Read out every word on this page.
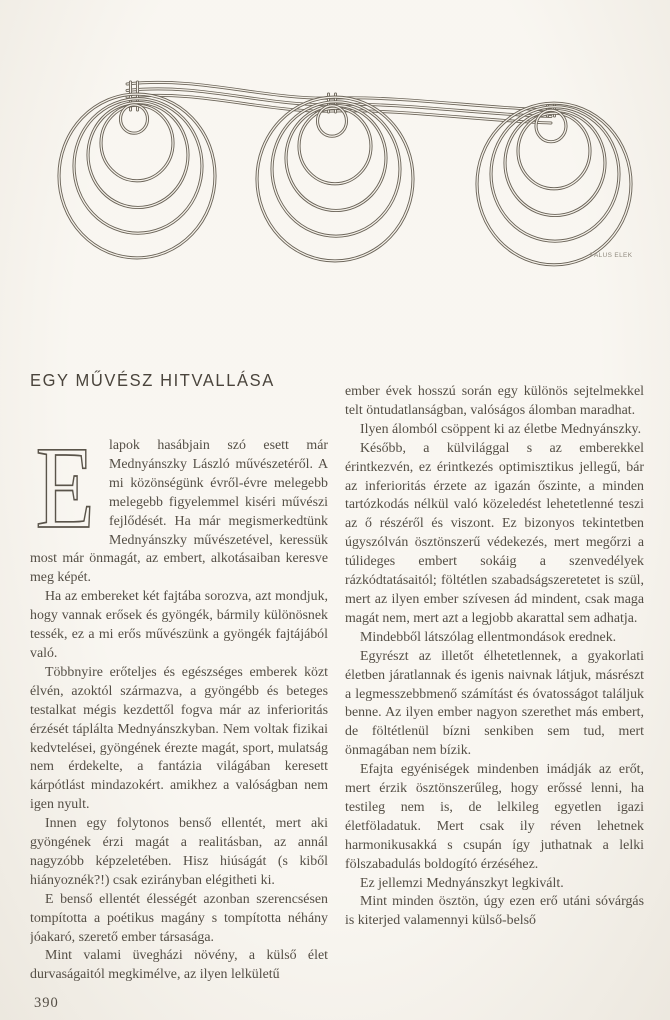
FALUS ELEK
EGY MŰVÉSZ HITVALLÁSA
E	lapok hasábjain szó esett már Mednyánszky László művészetéről. A mi közönségünk évről-évre melegebb melegebb figyelemmel kiséri művészi fejlődését. Ha már megismerkedtünk Mednyánszky művészetével, keressük most már önmagát, az embert, alkotásaiban keresve meg képét.

Ha az embereket két fajtába sorozva, azt mondjuk, hogy vannak erősek és gyöngék, bármily különösnek tessék, ez a mi erős művészünk a gyöngék fajtájából való.

Többnyire erőteljes és egészséges emberek közt élvén, azoktól származva, a gyöngébb és beteges testalkat mégis kezdettől fogva már az inferioritás érzését táplálta Mednyánszkyban. Nem voltak fizikai kedvtelései, gyöngének érezte magát, sport, mulatság nem érdekelte, a fantázia világában keresett kárpótlást mindazokért. amikhez a valóságban nem igen nyult.

Innen egy folytonos benső ellentét, mert aki gyöngének érzi magát a realitásban, az annál nagyzóbb képzeletében. Hisz hiúságát (s kiből hiányoznék?!) csak ezirányban elégitheti ki.

E benső ellentét élességét azonban szerencsésen tompította a poétikus magány s tompította néhány jóakaró, szerető ember társasága.

Mint valami üvegházi növény, a külső élet durvaságaitól megkimélve, az ilyen lelkületű

ember évek hosszú során egy különös sejtelmekkel telt öntudatlanságban, valóságos álomban maradhat.

Ilyen álomból csöppent ki az életbe Mednyánszky.

Később, a külvilággal s az emberekkel érintkezvén, ez érintkezés optimisztikus jellegű, bár az inferioritás érzete az igazán őszinte, a minden tartózkodás nélkül való közeledést lehetetlenné teszi az ő részéről és viszont. Ez bizonyos tekintetben úgyszólván ösztönszerű védekezés, mert megőrzi a túlideges embert sokáig a szenvedélyek rázkódtatásaitól; föltétlen szabadságszeretetet is szül, mert az ilyen ember szívesen ád mindent, csak maga magát nem, mert azt a legjobb akarattal sem adhatja.

Mindebből látszólag ellentmondások erednek.

Egyrészt az illetőt élhetetlennek, a gyakorlati életben járatlannak és igenis naivnak látjuk, másrészt a legmesszebbmenő számítást és óvatosságot találjuk benne. Az ilyen ember nagyon szerethet más embert, de föltétlenül bízni senkiben sem tud, mert önmagában nem bízik.

Efajta egyéniségek mindenben imádják az erőt, mert érzik ösztönszerűleg, hogy erőssé lenni, ha testileg nem is, de lelkileg egyetlen igazi életföladatuk. Mert csak ily réven lehetnek harmonikusakká s csupán így juthatnak a lelki fölszabadulás boldogító érzéséhez.

Ez jellemzi Mednyánszkyt legkivált.

Mint minden ösztön, úgy ezen erő utáni sóvárgás is kiterjed valamennyi külső-belső

390
